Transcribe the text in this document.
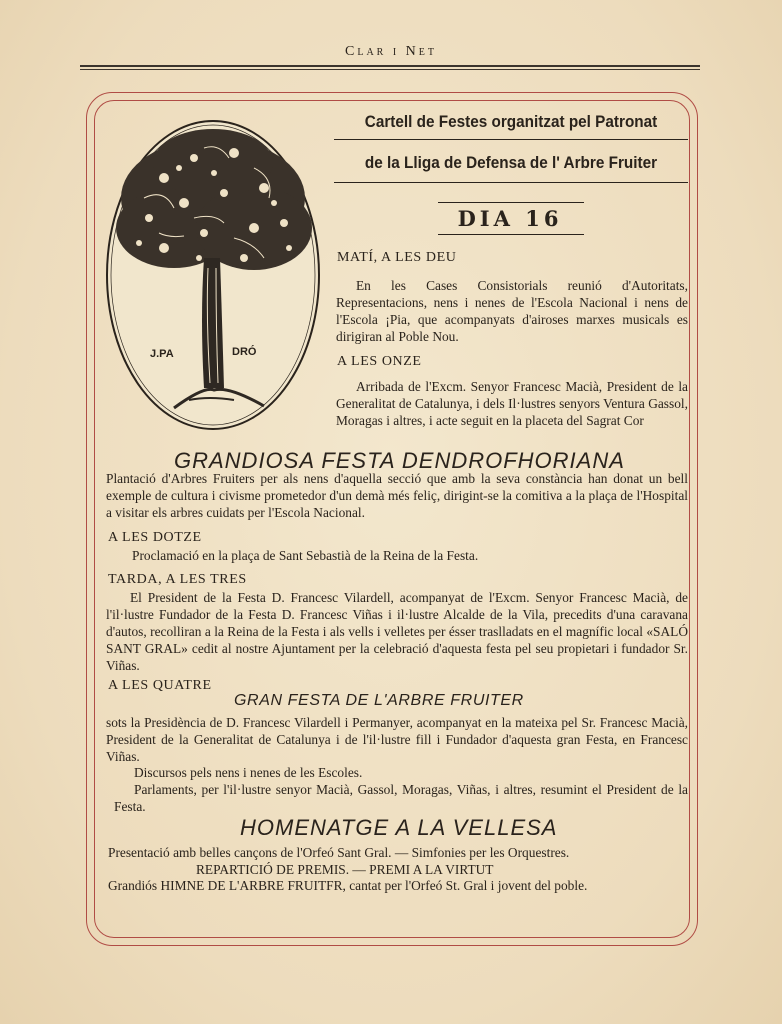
Clar i Net
J.PA	DRÓ
Cartell de Festes organitzat pel Patronat
de la Lliga de Defensa de l' Arbre Fruiter
DIA 16
MATÍ, A LES DEU
En les Cases Consistorials reunió d'Autoritats, Representacions, nens i nenes de l'Escola Nacional i nens de l'Escola ¡Pia, que acompanyats d'airoses marxes musicals es dirigiran al Poble Nou.
A LES ONZE
Arribada de l'Excm. Senyor Francesc Macià, President de la Generalitat de Catalunya, i dels Il·lustres senyors Ventura Gassol, Moragas i altres, i acte seguit en la placeta del Sagrat Cor
GRANDIOSA FESTA DENDROFHORIANA
Plantació d'Arbres Fruiters per als nens d'aquella secció que amb la seva constància han donat un bell exemple de cultura i civisme prometedor d'un demà més feliç, dirigint-se la comitiva a la plaça de l'Hospital a visitar els arbres cuidats per l'Escola Nacional.
A LES DOTZE
Proclamació en la plaça de Sant Sebastià de la Reina de la Festa.
TARDA, A LES TRES
El President de la Festa D. Francesc Vilardell, acompanyat de l'Excm. Senyor Francesc Macià, de l'il·lustre Fundador de la Festa D. Francesc Viñas i il·lustre Alcalde de la Vila, precedits d'una caravana d'autos, recolliran a la Reina de la Festa i als vells i velletes per ésser traslladats en el magnífic local «SALÓ SANT GRAL» cedit al nostre Ajuntament per la celebració d'aquesta festa pel seu propietari i fundador Sr. Viñas.
A LES QUATRE
GRAN FESTA DE L'ARBRE FRUITER
sots la Presidència de D. Francesc Vilardell i Permanyer, acompanyat en la mateixa pel Sr. Francesc Macià, President de la Generalitat de Catalunya i de l'il·lustre fill i Fundador d'aquesta gran Festa, en Francesc Viñas.
Discursos pels nens i nenes de les Escoles.
Parlaments, per l'il·lustre senyor Macià, Gassol, Moragas, Viñas, i altres, resumint el President de la Festa.
HOMENATGE A LA VELLESA
Presentació amb belles cançons de l'Orfeó Sant Gral. — Simfonies per les Orquestres.
REPARTICIÓ DE PREMIS. — PREMI A LA VIRTUT
Grandiós HIMNE DE L'ARBRE FRUITFR, cantat per l'Orfeó St. Gral i jovent del poble.
